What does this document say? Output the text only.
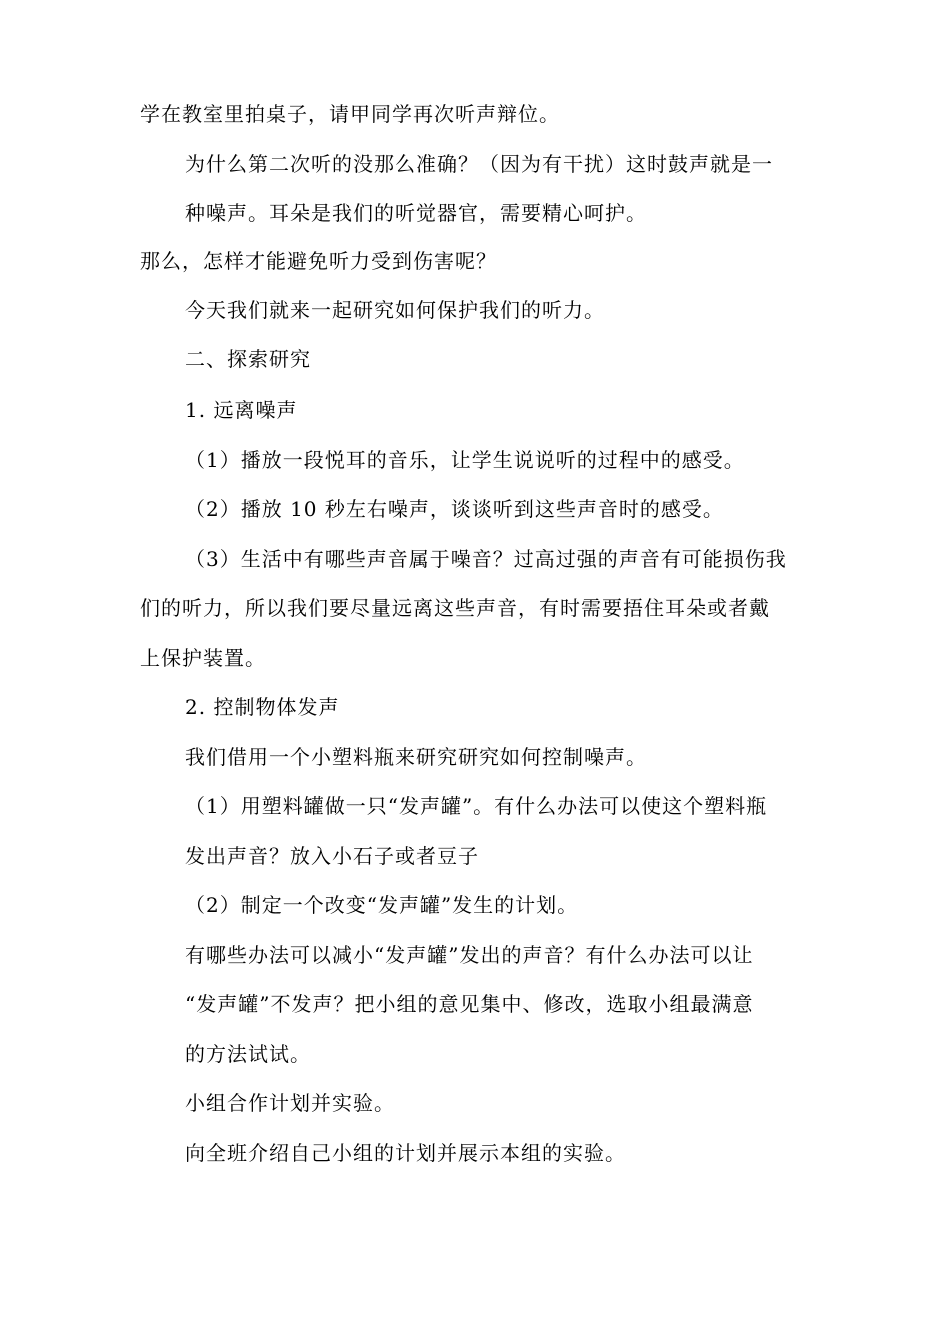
学在教室里拍桌子，请甲同学再次听声辩位。
为什么第二次听的没那么准确？（因为有干扰）这时鼓声就是一
种噪声。耳朵是我们的听觉器官，需要精心呵护。
那么，怎样才能避免听力受到伤害呢？
今天我们就来一起研究如何保护我们的听力。
二、探索研究
1. 远离噪声
（1）播放一段悦耳的音乐，让学生说说听的过程中的感受。
（2）播放 10 秒左右噪声，谈谈听到这些声音时的感受。
（3）生活中有哪些声音属于噪音？过高过强的声音有可能损伤我
们的听力，所以我们要尽量远离这些声音，有时需要捂住耳朵或者戴
上保护装置。
2. 控制物体发声
我们借用一个小塑料瓶来研究研究如何控制噪声。
（1）用塑料罐做一只“发声罐”。有什么办法可以使这个塑料瓶
发出声音？放入小石子或者豆子
（2）制定一个改变“发声罐”发生的计划。
有哪些办法可以减小“发声罐”发出的声音？有什么办法可以让
“发声罐”不发声？把小组的意见集中、修改，选取小组最满意
的方法试试。
小组合作计划并实验。
向全班介绍自己小组的计划并展示本组的实验。
